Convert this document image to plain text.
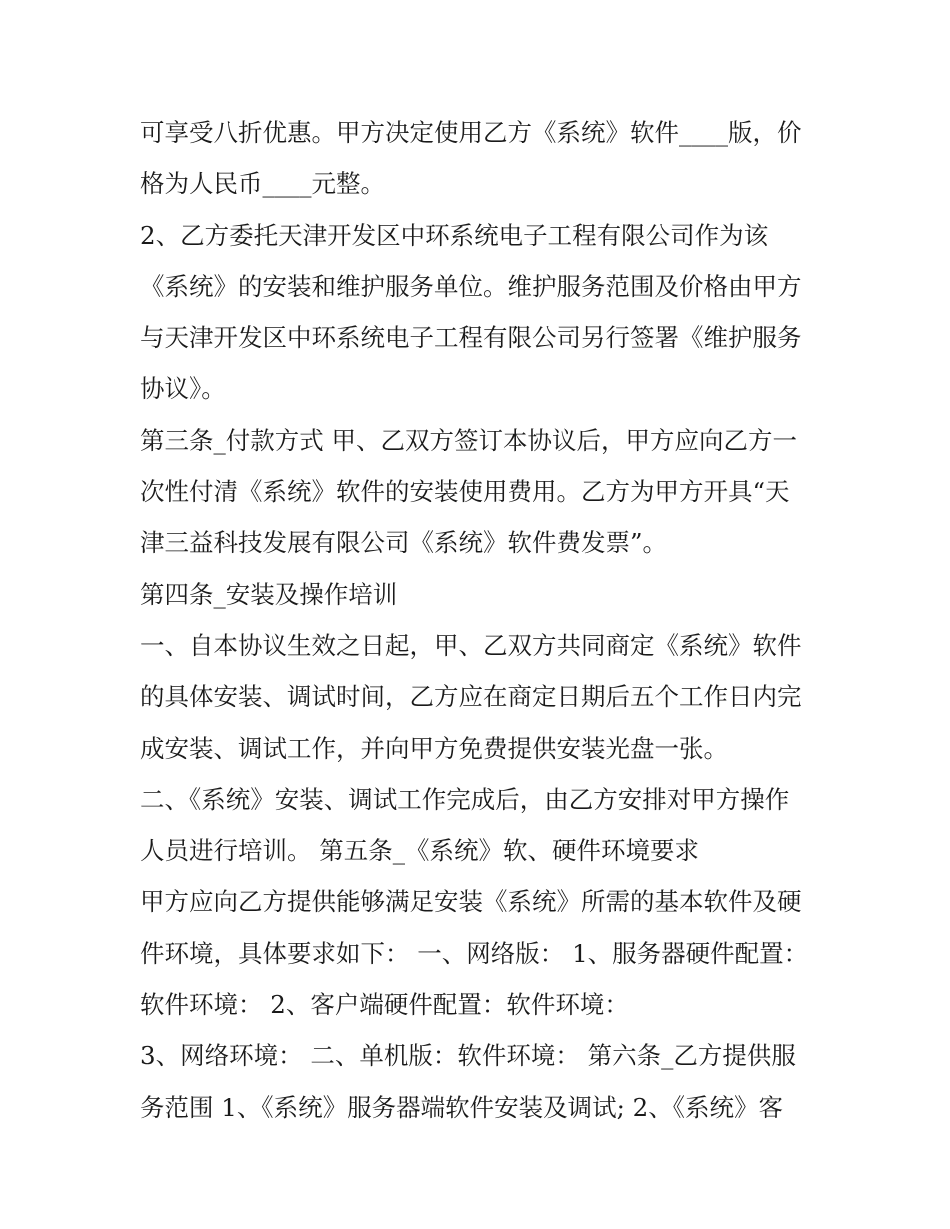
可享受八折优惠。甲方决定使用乙方《系统》软件____版，价
格为人民币____元整。
2、乙方委托天津开发区中环系统电子工程有限公司作为该
《系统》的安装和维护服务单位。维护服务范围及价格由甲方
与天津开发区中环系统电子工程有限公司另行签署《维护服务
协议》。
第三条_付款方式 甲、乙双方签订本协议后，甲方应向乙方一
次性付清《系统》软件的安装使用费用。乙方为甲方开具“天
津三益科技发展有限公司《系统》软件费发票”。
第四条_安装及操作培训
一、自本协议生效之日起，甲、乙双方共同商定《系统》软件
的具体安装、调试时间，乙方应在商定日期后五个工作日内完
成安装、调试工作，并向甲方免费提供安装光盘一张。
二、《系统》安装、调试工作完成后，由乙方安排对甲方操作
人员进行培训。 第五条_《系统》软、硬件环境要求
甲方应向乙方提供能够满足安装《系统》所需的基本软件及硬
件环境，具体要求如下： 一、网络版： 1、服务器硬件配置：
软件环境： 2、客户端硬件配置：软件环境：
3、网络环境： 二、单机版：软件环境： 第六条_乙方提供服
务范围 1、《系统》服务器端软件安装及调试; 2、《系统》客
